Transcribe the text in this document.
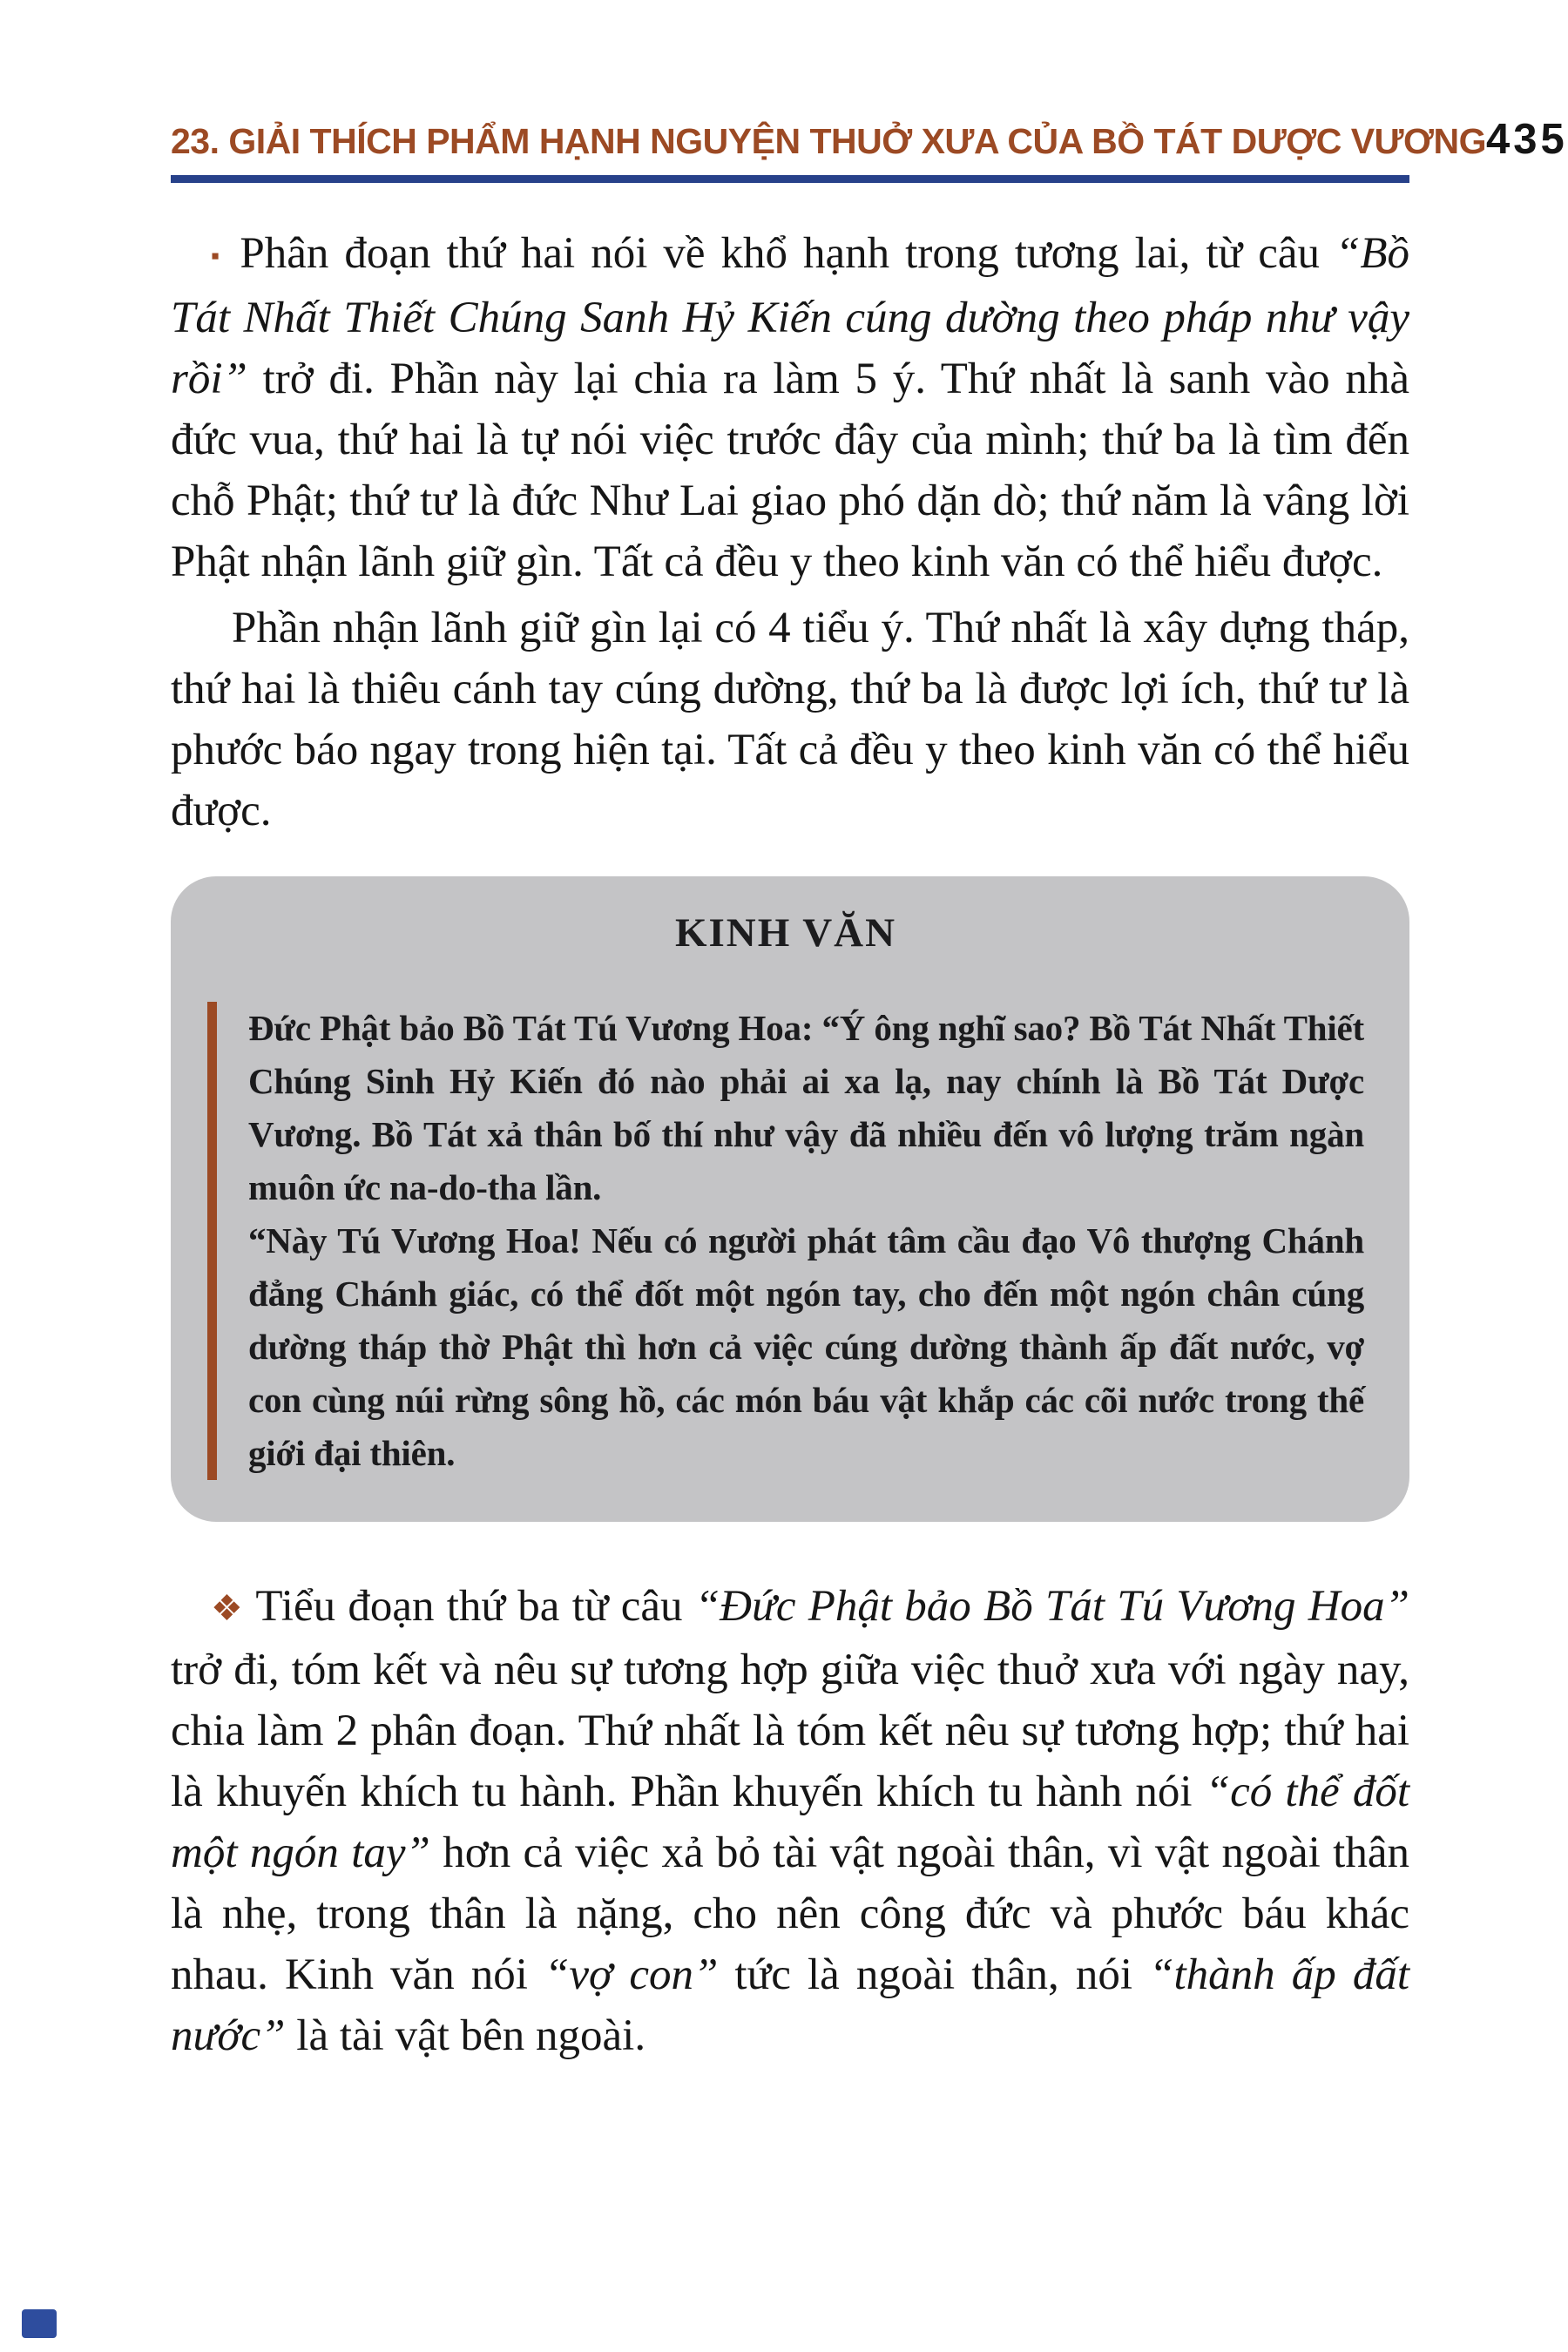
23. GIẢI THÍCH PHẨM HẠNH NGUYỆN THUỞ XƯA CỦA BỒ TÁT DƯỢC VƯƠNG 435

▪ Phân đoạn thứ hai nói về khổ hạnh trong tương lai, từ câu “Bồ Tát Nhất Thiết Chúng Sanh Hỷ Kiến cúng dường theo pháp như vậy rồi” trở đi. Phần này lại chia ra làm 5 ý. Thứ nhất là sanh vào nhà đức vua, thứ hai là tự nói việc trước đây của mình; thứ ba là tìm đến chỗ Phật; thứ tư là đức Như Lai giao phó dặn dò; thứ năm là vâng lời Phật nhận lãnh giữ gìn. Tất cả đều y theo kinh văn có thể hiểu được.

Phần nhận lãnh giữ gìn lại có 4 tiểu ý. Thứ nhất là xây dựng tháp, thứ hai là thiêu cánh tay cúng dường, thứ ba là được lợi ích, thứ tư là phước báo ngay trong hiện tại. Tất cả đều y theo kinh văn có thể hiểu được.

KINH VĂN

Đức Phật bảo Bồ Tát Tú Vương Hoa: “Ý ông nghĩ sao? Bồ Tát Nhất Thiết Chúng Sinh Hỷ Kiến đó nào phải ai xa lạ, nay chính là Bồ Tát Dược Vương. Bồ Tát xả thân bố thí như vậy đã nhiều đến vô lượng trăm ngàn muôn ức na-do-tha lần.

“Này Tú Vương Hoa! Nếu có người phát tâm cầu đạo Vô thượng Chánh đẳng Chánh giác, có thể đốt một ngón tay, cho đến một ngón chân cúng dường tháp thờ Phật thì hơn cả việc cúng dường thành ấp đất nước, vợ con cùng núi rừng sông hồ, các món báu vật khắp các cõi nước trong thế giới đại thiên.

❖ Tiểu đoạn thứ ba từ câu “Đức Phật bảo Bồ Tát Tú Vương Hoa” trở đi, tóm kết và nêu sự tương hợp giữa việc thuở xưa với ngày nay, chia làm 2 phân đoạn. Thứ nhất là tóm kết nêu sự tương hợp; thứ hai là khuyến khích tu hành. Phần khuyến khích tu hành nói “có thể đốt một ngón tay” hơn cả việc xả bỏ tài vật ngoài thân, vì vật ngoài thân là nhẹ, trong thân là nặng, cho nên công đức và phước báu khác nhau. Kinh văn nói “vợ con” tức là ngoài thân, nói “thành ấp đất nước” là tài vật bên ngoài.
